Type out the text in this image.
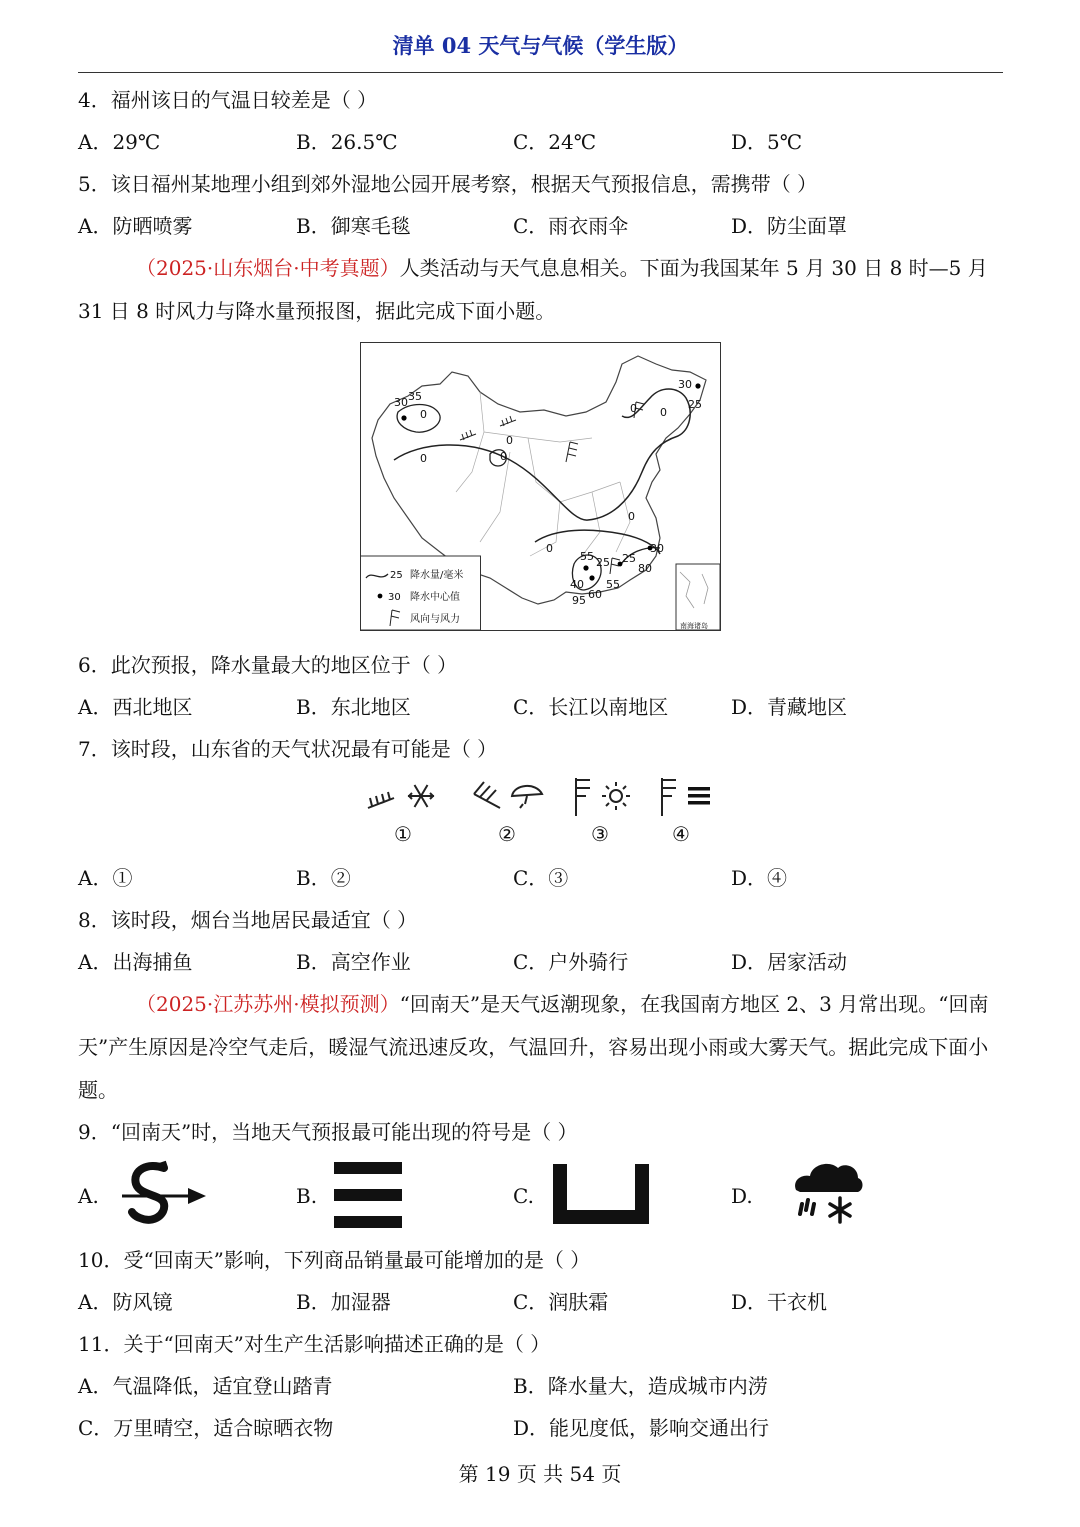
清单 04 天气与气候（学生版）
4．福州该日的气温日较差是（ ）
A．29℃	B．26.5℃	C．24℃	D．5℃
5．该日福州某地理小组到郊外湿地公园开展考察，根据天气预报信息，需携带（ ）
A．防晒喷雾	B．御寒毛毯	C．雨衣雨伞	D．防尘面罩
（2025·山东烟台·中考真题）人类活动与天气息息相关。下面为我国某年 5 月 30 日 8 时—5 月 31 日 8 时风力与降水量预报图，据此完成下面小题。
30 35
0
0	0
0
0
30
0
0
25
0
55 25 25
30
80
40
95 60
55
25 降水量/毫米
30 降水中心值
风向与风力
南海诸岛
6．此次预报，降水量最大的地区位于（ ）
A．西北地区	B．东北地区	C．长江以南地区	D．青藏地区
7．该时段，山东省的天气状况最有可能是（ ）
①	②	③	④
A．①	B．②	C．③	D．④
8．该时段，烟台当地居民最适宜（ ）
A．出海捕鱼	B．高空作业	C．户外骑行	D．居家活动
（2025·江苏苏州·模拟预测）“回南天”是天气返潮现象，在我国南方地区 2、3 月常出现。“回南天”产生原因是冷空气走后，暖湿气流迅速反攻，气温回升，容易出现小雨或大雾天气。据此完成下面小题。
9．“回南天”时，当地天气预报最可能出现的符号是（ ）
A.	B.	C.	D.
10．受“回南天”影响，下列商品销量最可能增加的是（ ）
A．防风镜	B．加湿器	C．润肤霜	D．干衣机
11．关于“回南天”对生产生活影响描述正确的是（ ）
A．气温降低，适宜登山踏青	B．降水量大，造成城市内涝
C．万里晴空，适合晾晒衣物	D．能见度低，影响交通出行
第 19 页 共 54 页
